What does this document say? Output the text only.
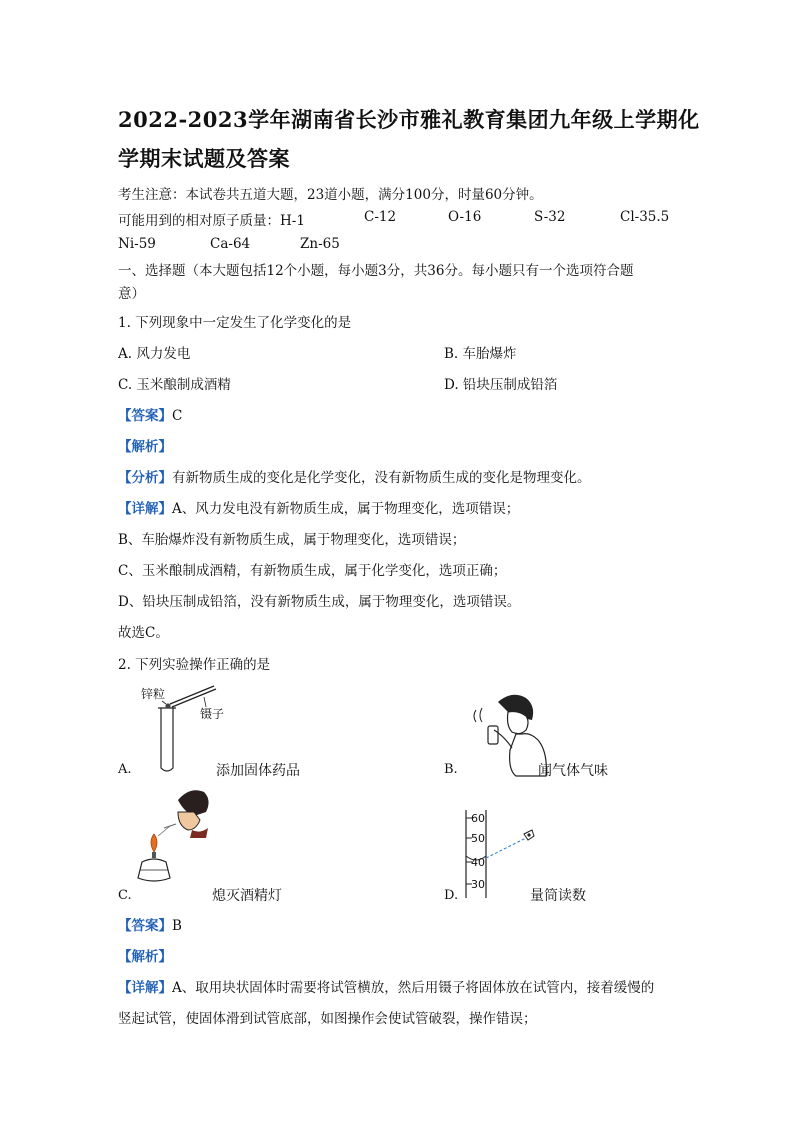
2022-2023学年湖南省长沙市雅礼教育集团九年级上学期化
学期末试题及答案
考生注意：本试卷共五道大题，23道小题，满分100分，时量60分钟。
可能用到的相对原子质量：H-1	C-12	O-16	S-32	Cl-35.5
Ni-59	Ca-64	Zn-65
一、选择题（本大题包括12个小题，每小题3分，共36分。每小题只有一个选项符合题
意）
1. 下列现象中一定发生了化学变化的是
A. 风力发电	B. 车胎爆炸
C. 玉米酿制成酒精	D. 铅块压制成铅箔
【答案】C
【解析】
【分析】有新物质生成的变化是化学变化，没有新物质生成的变化是物理变化。
【详解】A、风力发电没有新物质生成，属于物理变化，选项错误；
B、车胎爆炸没有新物质生成，属于物理变化，选项错误；
C、玉米酿制成酒精，有新物质生成，属于化学变化，选项正确；
D、铅块压制成铅箔，没有新物质生成，属于物理变化，选项错误。
故选C。
2. 下列实验操作正确的是
锌粒
镊子
A.	添加固体药品	B.	闻气体气味
C.	熄灭酒精灯
60
50
40
30
D.	量筒读数
【答案】B
【解析】
【详解】A、取用块状固体时需要将试管横放，然后用镊子将固体放在试管内，接着缓慢的
竖起试管，使固体滑到试管底部，如图操作会使试管破裂，操作错误；
